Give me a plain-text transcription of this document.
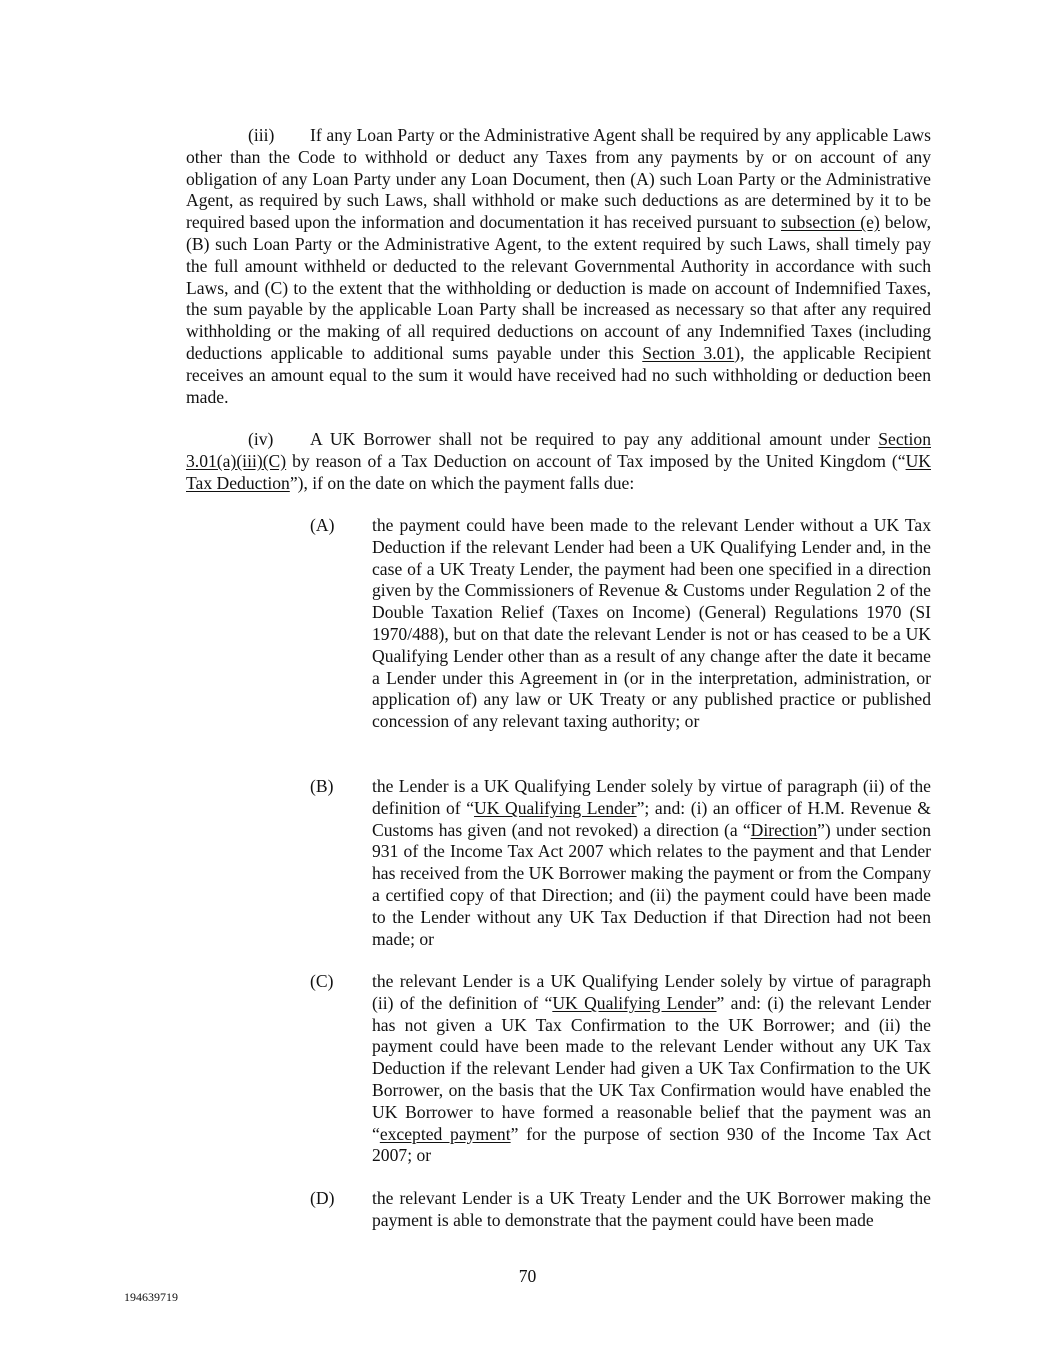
(iii) If any Loan Party or the Administrative Agent shall be required by any applicable Laws other than the Code to withhold or deduct any Taxes from any payments by or on account of any obligation of any Loan Party under any Loan Document, then (A) such Loan Party or the Administrative Agent, as required by such Laws, shall withhold or make such deductions as are determined by it to be required based upon the information and documentation it has received pursuant to subsection (e) below, (B) such Loan Party or the Administrative Agent, to the extent required by such Laws, shall timely pay the full amount withheld or deducted to the relevant Governmental Authority in accordance with such Laws, and (C) to the extent that the withholding or deduction is made on account of Indemnified Taxes, the sum payable by the applicable Loan Party shall be increased as necessary so that after any required withholding or the making of all required deductions on account of any Indemnified Taxes (including deductions applicable to additional sums payable under this Section 3.01), the applicable Recipient receives an amount equal to the sum it would have received had no such withholding or deduction been made.

(iv) A UK Borrower shall not be required to pay any additional amount under Section 3.01(a)(iii)(C) by reason of a Tax Deduction on account of Tax imposed by the United Kingdom (“UK Tax Deduction”), if on the date on which the payment falls due:

(A)	the payment could have been made to the relevant Lender without a UK Tax Deduction if the relevant Lender had been a UK Qualifying Lender and, in the case of a UK Treaty Lender, the payment had been one specified in a direction given by the Commissioners of Revenue & Customs under Regulation 2 of the Double Taxation Relief (Taxes on Income) (General) Regulations 1970 (SI 1970/488), but on that date the relevant Lender is not or has ceased to be a UK Qualifying Lender other than as a result of any change after the date it became a Lender under this Agreement in (or in the interpretation, administration, or application of) any law or UK Treaty or any published practice or published concession of any relevant taxing authority; or
(B)	the Lender is a UK Qualifying Lender solely by virtue of paragraph (ii) of the definition of “UK Qualifying Lender”; and: (i) an officer of H.M. Revenue & Customs has given (and not revoked) a direction (a “Direction”) under section 931 of the Income Tax Act 2007 which relates to the payment and that Lender has received from the UK Borrower making the payment or from the Company a certified copy of that Direction; and (ii) the payment could have been made to the Lender without any UK Tax Deduction if that Direction had not been made; or
(C)	the relevant Lender is a UK Qualifying Lender solely by virtue of paragraph (ii) of the definition of “UK Qualifying Lender” and: (i) the relevant Lender has not given a UK Tax Confirmation to the UK Borrower; and (ii) the payment could have been made to the relevant Lender without any UK Tax Deduction if the relevant Lender had given a UK Tax Confirmation to the UK Borrower, on the basis that the UK Tax Confirmation would have enabled the UK Borrower to have formed a reasonable belief that the payment was an “excepted payment” for the purpose of section 930 of the Income Tax Act 2007; or
(D)	the relevant Lender is a UK Treaty Lender and the UK Borrower making the payment is able to demonstrate that the payment could have been made
70
194639719
